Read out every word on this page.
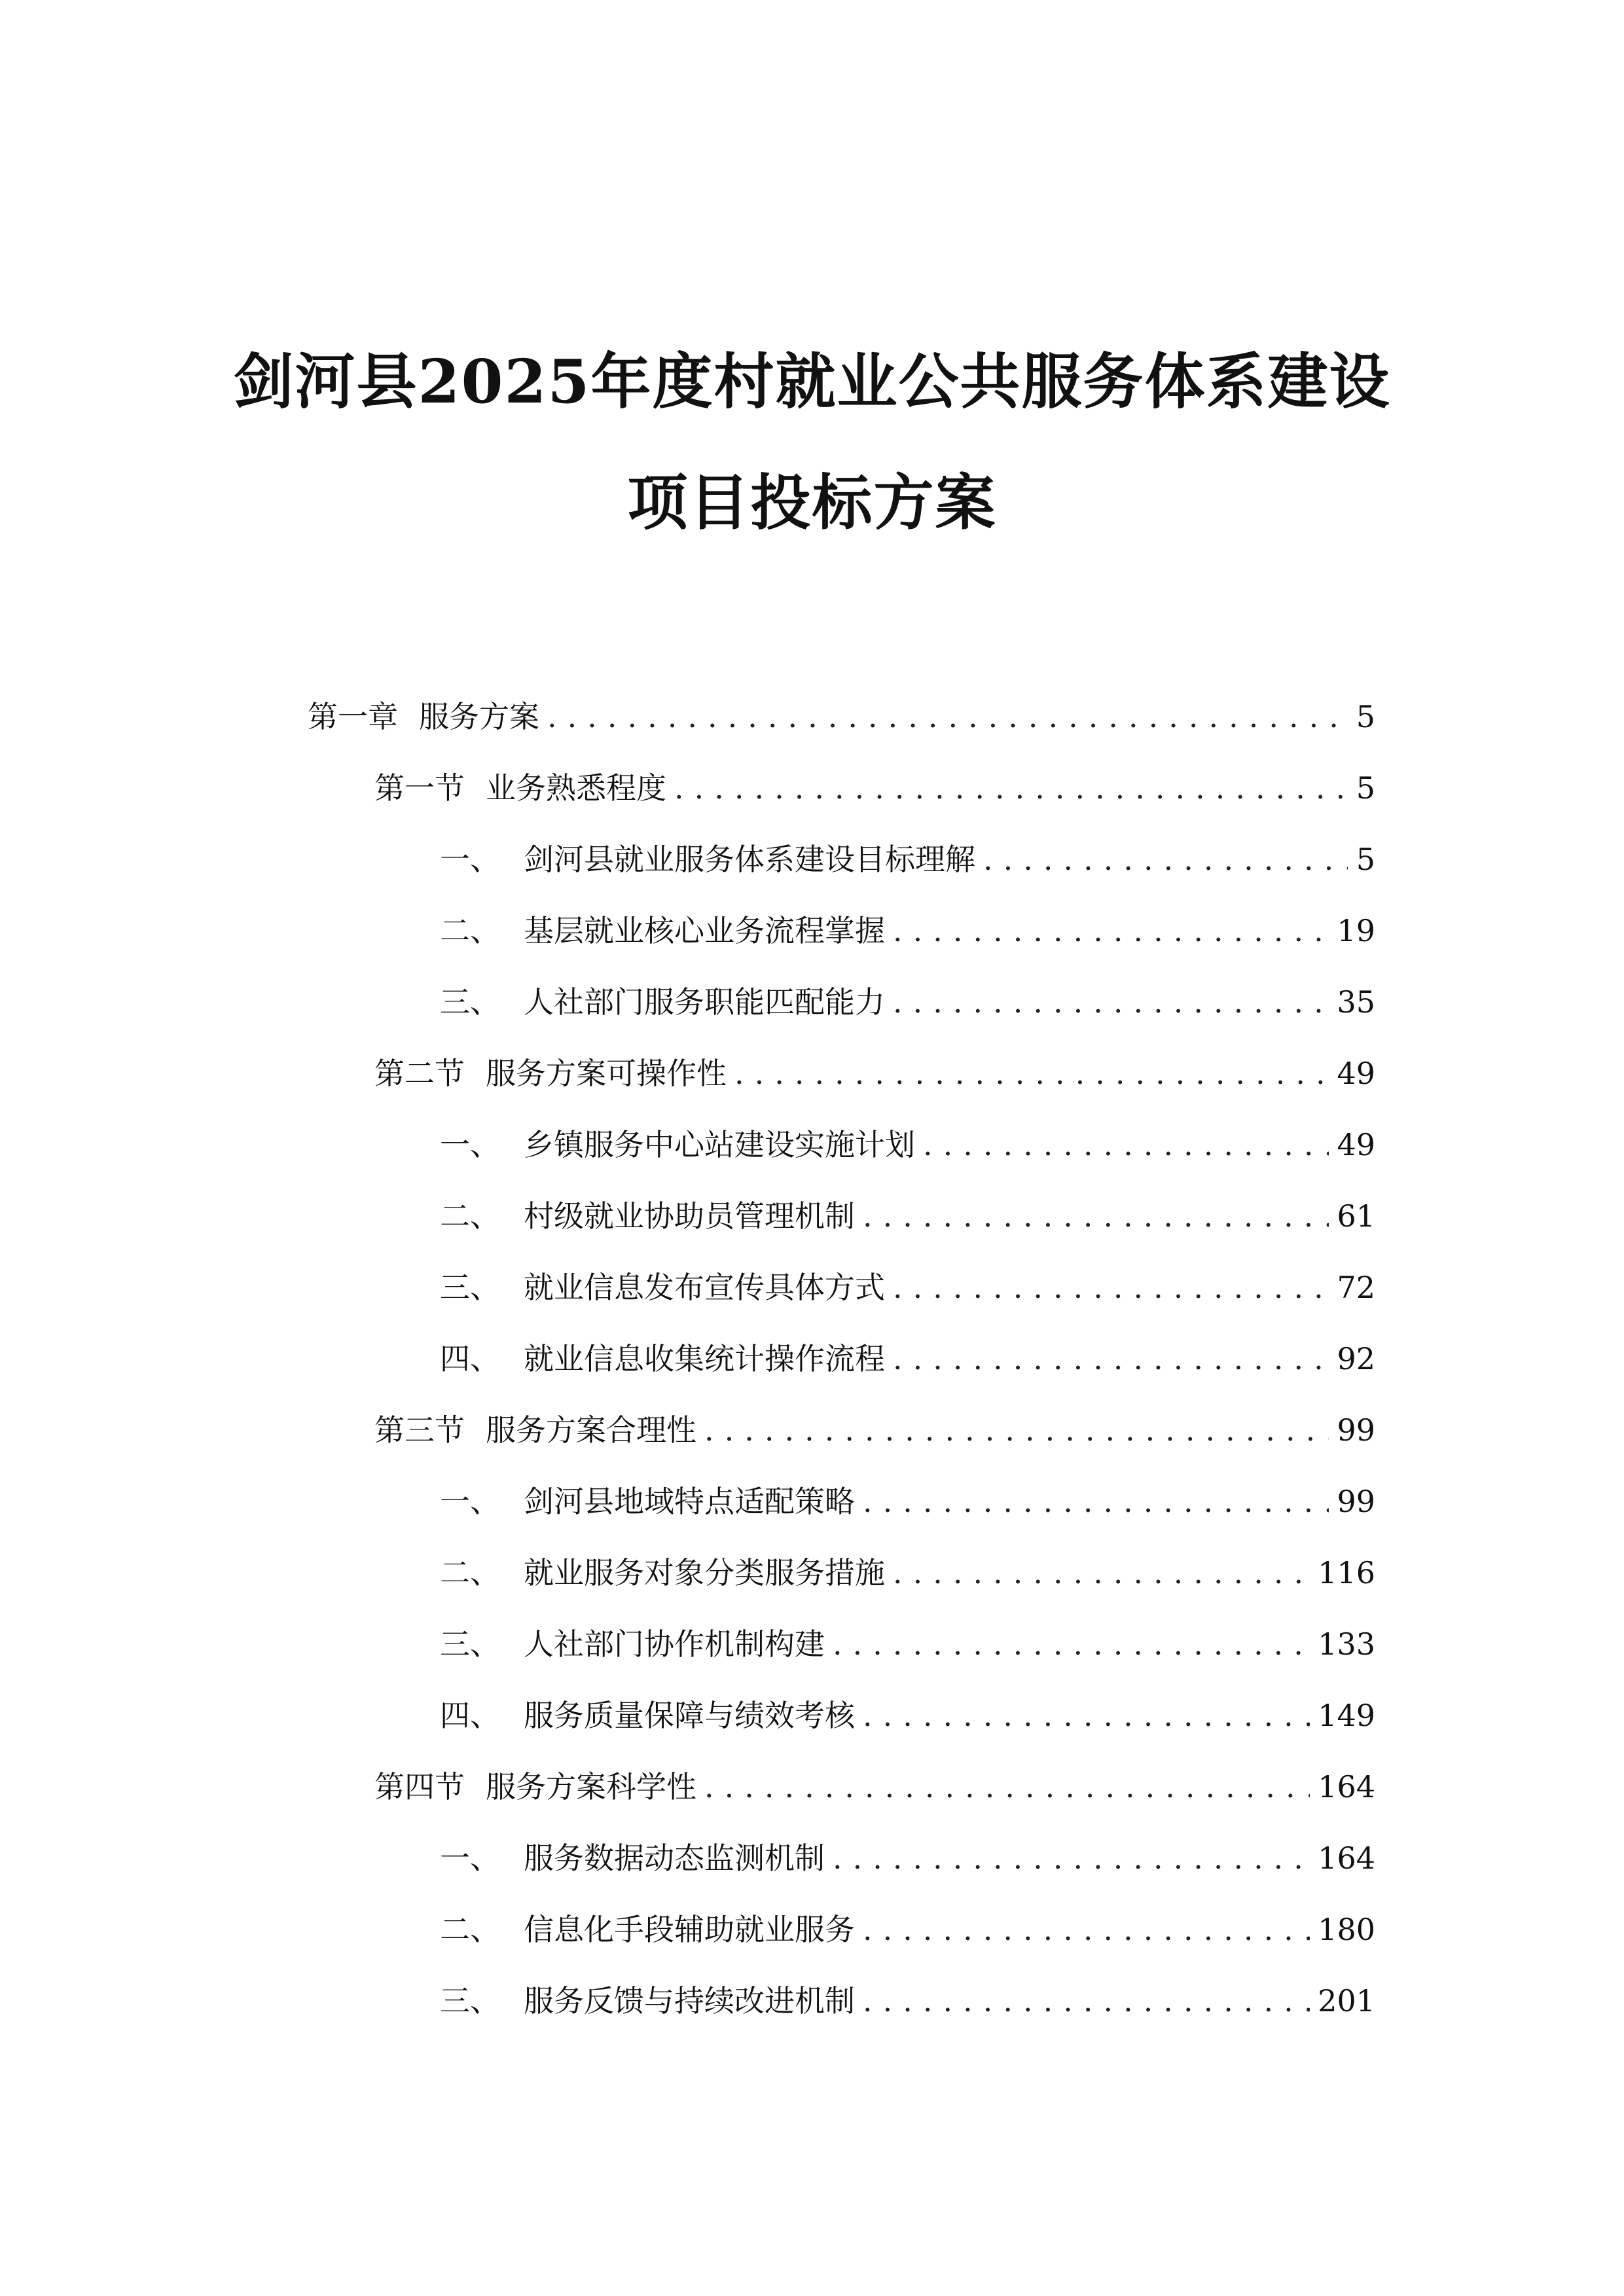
剑河县2025年度村就业公共服务体系建设
项目投标方案
第一章 服务方案 .....	5
第一节 业务熟悉程度 .....	5
一、 剑河县就业服务体系建设目标理解 .....	5
二、 基层就业核心业务流程掌握 .....	19
三、 人社部门服务职能匹配能力 .....	35
第二节 服务方案可操作性 .....	49
一、 乡镇服务中心站建设实施计划 .....	49
二、 村级就业协助员管理机制 .....	61
三、 就业信息发布宣传具体方式 .....	72
四、 就业信息收集统计操作流程 .....	92
第三节 服务方案合理性 .....	99
一、 剑河县地域特点适配策略 .....	99
二、 就业服务对象分类服务措施 .....	116
三、 人社部门协作机制构建 .....	133
四、 服务质量保障与绩效考核 .....	149
第四节 服务方案科学性 .....	164
一、 服务数据动态监测机制 .....	164
二、 信息化手段辅助就业服务 .....	180
三、 服务反馈与持续改进机制 .....	201
